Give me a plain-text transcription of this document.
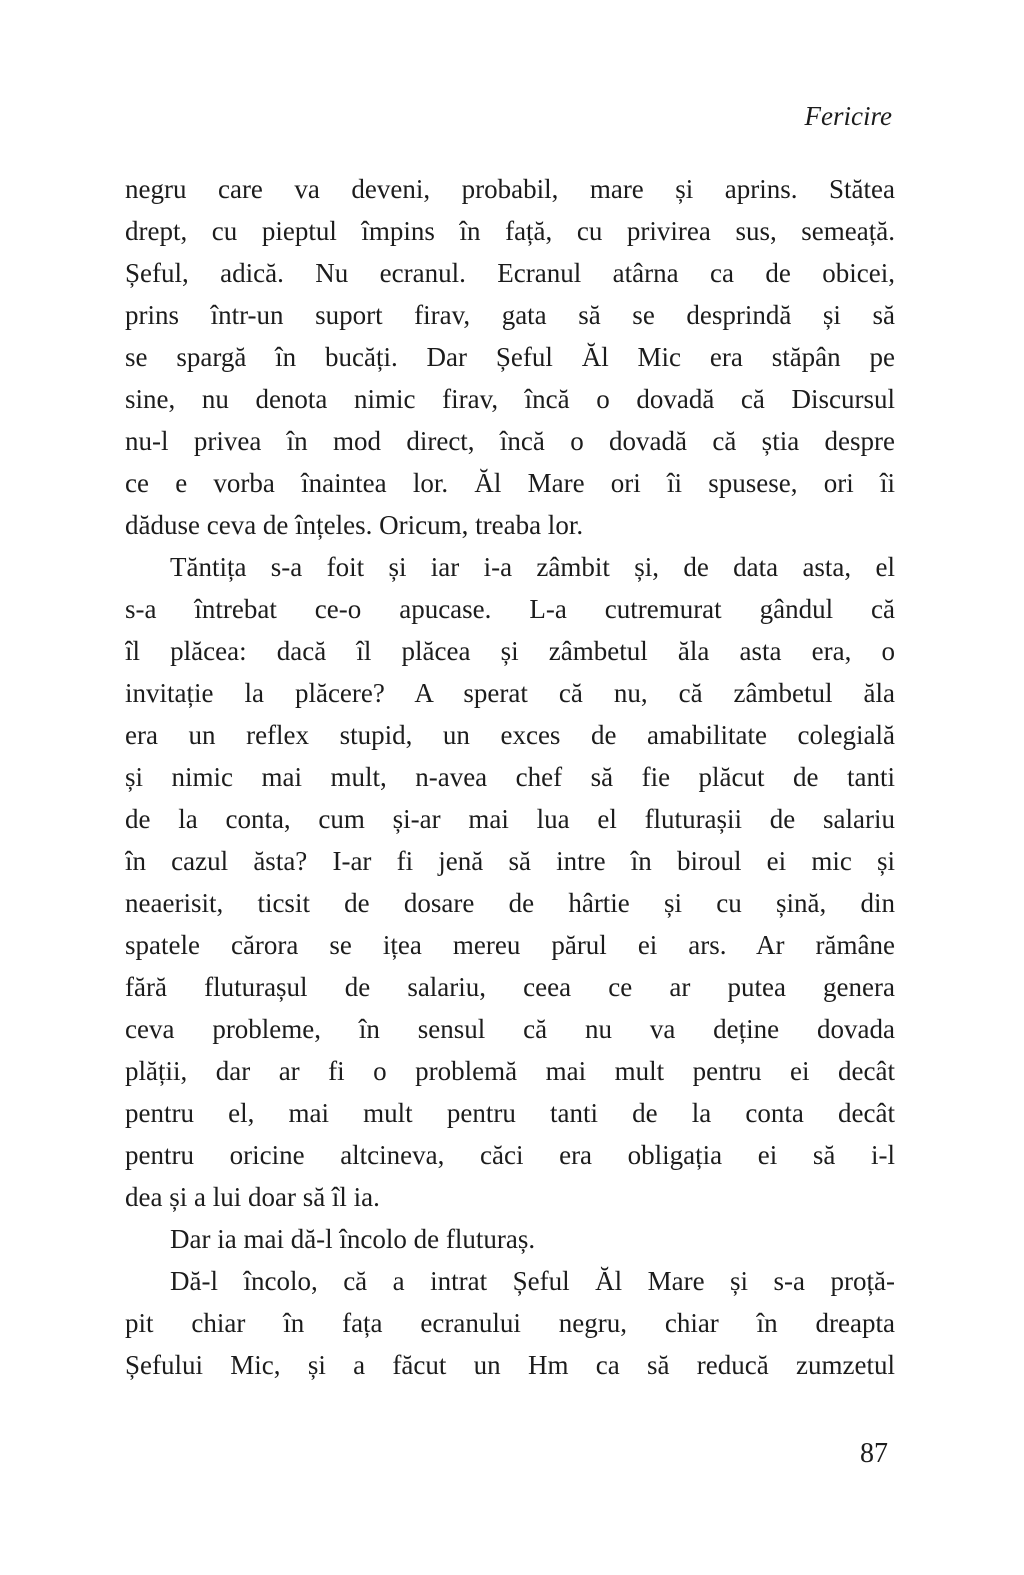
Fericire
negru care va deveni, probabil, mare și aprins. Stătea
drept, cu pieptul împins în față, cu privirea sus, semeață.
Șeful, adică. Nu ecranul. Ecranul atârna ca de obicei,
prins într-un suport firav, gata să se desprindă și să
se spargă în bucăți. Dar Șeful Ăl Mic era stăpân pe
sine, nu denota nimic firav, încă o dovadă că Discursul
nu-l privea în mod direct, încă o dovadă că știa despre
ce e vorba înaintea lor. Ăl Mare ori îi spusese, ori îi
dăduse ceva de înțeles. Oricum, treaba lor.
Tăntița s-a foit și iar i-a zâmbit și, de data asta, el
s-a întrebat ce-o apucase. L-a cutremurat gândul că
îl plăcea: dacă îl plăcea și zâmbetul ăla asta era, o
invitație la plăcere? A sperat că nu, că zâmbetul ăla
era un reflex stupid, un exces de amabilitate colegială
și nimic mai mult, n-avea chef să fie plăcut de tanti
de la conta, cum și-ar mai lua el fluturașii de salariu
în cazul ăsta? I-ar fi jenă să intre în biroul ei mic și
neaerisit, ticsit de dosare de hârtie și cu șină, din
spatele cărora se ițea mereu părul ei ars. Ar rămâne
fără fluturașul de salariu, ceea ce ar putea genera
ceva probleme, în sensul că nu va deține dovada
plății, dar ar fi o problemă mai mult pentru ei decât
pentru el, mai mult pentru tanti de la conta decât
pentru oricine altcineva, căci era obligația ei să i-l
dea și a lui doar să îl ia.
Dar ia mai dă-l încolo de fluturaș.
Dă-l încolo, că a intrat Șeful Ăl Mare și s-a proță-
pit chiar în fața ecranului negru, chiar în dreapta
Șefului Mic, și a făcut un Hm ca să reducă zumzetul
87
